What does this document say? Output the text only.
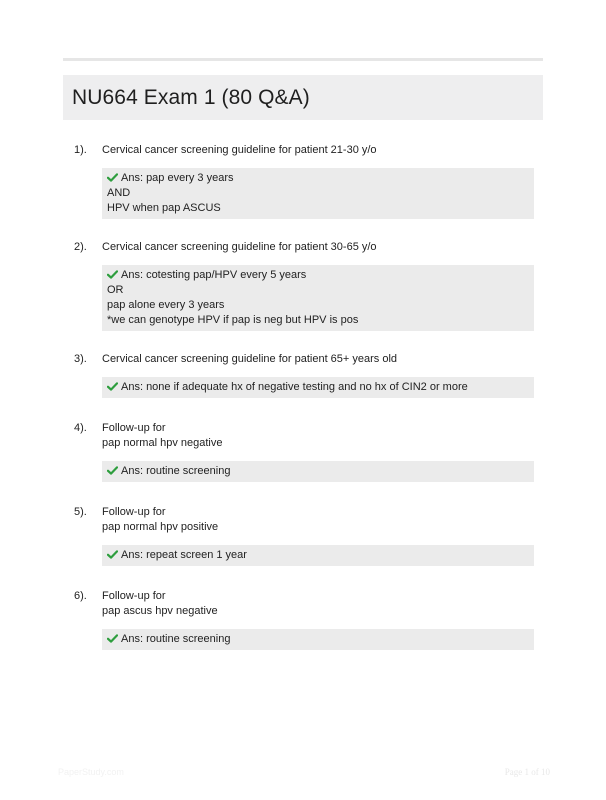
NU664 Exam 1 (80 Q&A)
1). Cervical cancer screening guideline for patient 21-30 y/o
Ans: pap every 3 years
AND
HPV when pap ASCUS
2). Cervical cancer screening guideline for patient 30-65 y/o
Ans: cotesting pap/HPV every 5 years
OR
pap alone every 3 years
*we can genotype HPV if pap is neg but HPV is pos
3). Cervical cancer screening guideline for patient 65+ years old
Ans: none if adequate hx of negative testing and no hx of CIN2 or more
4). Follow-up for
pap normal hpv negative
Ans: routine screening
5). Follow-up for
pap normal hpv positive
Ans: repeat screen 1 year
6). Follow-up for
pap ascus hpv negative
Ans: routine screening
PaperStudy.com	Page 1 of 10
